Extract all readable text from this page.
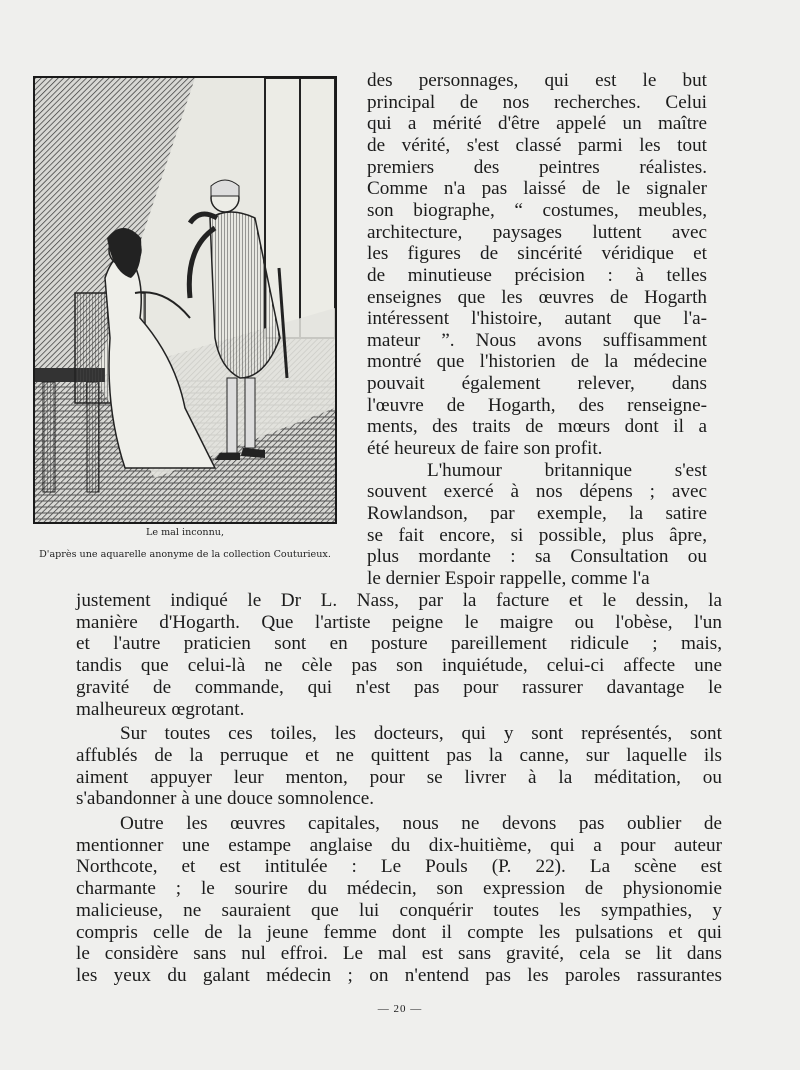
Le mal inconnu,
D'après une aquarelle anonyme de la collection Couturieux.
des personnages, qui est le but
principal de nos recherches. Celui
qui a mérité d'être appelé un maître
de vérité, s'est classé parmi les tout
premiers des peintres réalistes.
Comme n'a pas laissé de le signaler
son biographe, “ costumes, meubles,
architecture, paysages luttent avec
les figures de sincérité véridique et
de minutieuse précision : à telles
enseignes que les œuvres de Hogarth
intéressent l'histoire, autant que l'a-
mateur ”. Nous avons suffisamment
montré que l'historien de la médecine
pouvait également relever, dans
l'œuvre de Hogarth, des renseigne-
ments, des traits de mœurs dont il a
été heureux de faire son profit.
L'humour britannique s'est
souvent exercé à nos dépens ; avec
Rowlandson, par exemple, la satire
se fait encore, si possible, plus âpre,
plus mordante : sa Consultation ou
le dernier Espoir rappelle, comme l'a
justement indiqué le Dr L. Nass, par la facture et le dessin, la
manière d'Hogarth. Que l'artiste peigne le maigre ou l'obèse, l'un
et l'autre praticien sont en posture pareillement ridicule ; mais,
tandis que celui-là ne cèle pas son inquiétude, celui-ci affecte une
gravité de commande, qui n'est pas pour rassurer davantage le
malheureux œgrotant.
Sur toutes ces toiles, les docteurs, qui y sont représentés, sont
affublés de la perruque et ne quittent pas la canne, sur laquelle ils
aiment appuyer leur menton, pour se livrer à la méditation, ou
s'abandonner à une douce somnolence.
Outre les œuvres capitales, nous ne devons pas oublier de
mentionner une estampe anglaise du dix-huitième, qui a pour auteur
Northcote, et est intitulée : Le Pouls (P. 22). La scène est
charmante ; le sourire du médecin, son expression de physionomie
malicieuse, ne sauraient que lui conquérir toutes les sympathies, y
compris celle de la jeune femme dont il compte les pulsations et qui
le considère sans nul effroi. Le mal est sans gravité, cela se lit dans
les yeux du galant médecin ; on n'entend pas les paroles rassurantes
— 20 —
